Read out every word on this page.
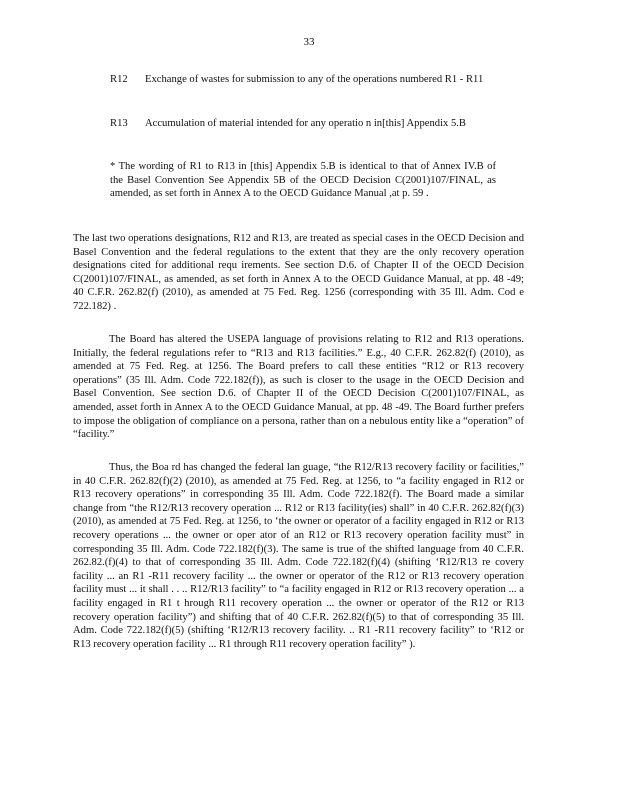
33
R12	Exchange of wastes for submission to any of the operations numbered R1 - R11
R13	Accumulation of material intended for any operatio n in[this] Appendix 5.B
* The wording of R1 to R13 in [this] Appendix 5.B is identical to that of Annex IV.B of the Basel Convention See Appendix 5B of the OECD Decision C(2001)107/FINAL, as amended, as set forth in Annex A to the OECD Guidance Manual ,at p. 59 .

The last two operations designations, R12 and R13, are treated as special cases in the OECD Decision and Basel Convention and the federal regulations to the extent that they are the only recovery operation designations cited for additional requ irements. See section D.6. of Chapter II of the OECD Decision C(2001)107/FINAL, as amended, as set forth in Annex A to the OECD Guidance Manual, at pp. 48 -49; 40 C.F.R. 262.82(f) (2010), as amended at 75 Fed. Reg. 1256 (corresponding with 35 Ill. Adm. Cod e 722.182) .

The Board has altered the USEPA language of provisions relating to R12 and R13 operations. Initially, the federal regulations refer to “R13 and R13 facilities.” E.g., 40 C.F.R. 262.82(f) (2010), as amended at 75 Fed. Reg. at 1256. The Board prefers to call these entities “R12 or R13 recovery operations” (35 Ill. Adm. Code 722.182(f)), as such is closer to the usage in the OECD Decision and Basel Convention. See section D.6. of Chapter II of the OECD Decision C(2001)107/FINAL, as amended, asset forth in Annex A to the OECD Guidance Manual, at pp. 48 -49. The Board further prefers to impose the obligation of compliance on a persona, rather than on a nebulous entity like a “operation” of “facility.”

Thus, the Boa rd has changed the federal lan guage, “the R12/R13 recovery facility or facilities,” in 40 C.F.R. 262.82(f)(2) (2010), as amended at 75 Fed. Reg. at 1256, to “a facility engaged in R12 or R13 recovery operations” in corresponding 35 Ill. Adm. Code 722.182(f). The Board made a similar change from “the R12/R13 recovery operation ... R12 or R13 facility(ies) shall” in 40 C.F.R. 262.82(f)(3) (2010), as amended at 75 Fed. Reg. at 1256, to ‘the owner or operator of a facility engaged in R12 or R13 recovery operations ... the owner or oper ator of an R12 or R13 recovery operation facility must” in corresponding 35 Ill. Adm. Code 722.182(f)(3). The same is true of the shifted language from 40 C.F.R. 262.82.(f)(4) to that of corresponding 35 Ill. Adm. Code 722.182(f)(4) (shifting ‘R12/R13 re covery facility ... an R1 -R11 recovery facility ... the owner or operator of the R12 or R13 recovery operation facility must ... it shall . . .. R12/R13 facility” to “a facility engaged in R12 or R13 recovery operation ... a facility engaged in R1 t hrough R11 recovery operation ... the owner or operator of the R12 or R13 recovery operation facility”) and shifting that of 40 C.F.R. 262.82(f)(5) to that of corresponding 35 Ill. Adm. Code 722.182(f)(5) (shifting ‘R12/R13 recovery facility. .. R1 -R11 recovery facility” to ‘R12 or R13 recovery operation facility ... R1 through R11 recovery operation facility” ).
